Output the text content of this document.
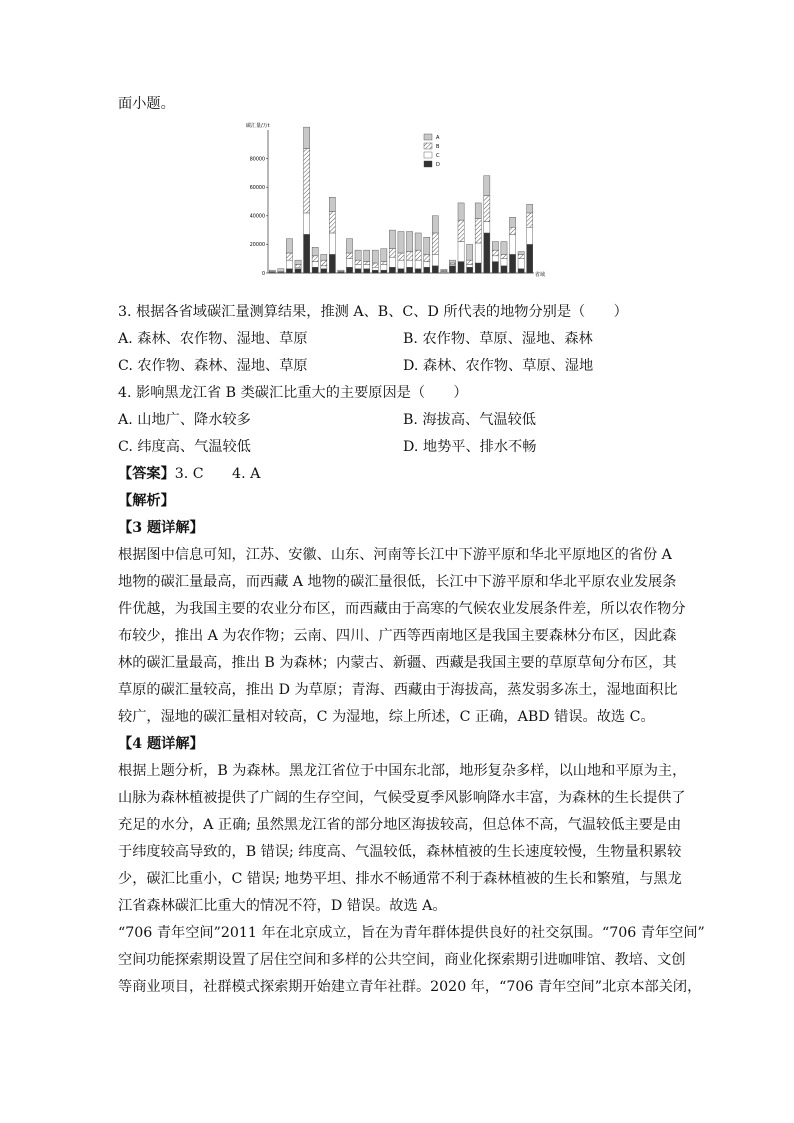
面小题。
碳汇量/万t
0
20000
40000
60000
80000
省域
A
B
C
D
3. 根据各省域碳汇量测算结果，推测 A、B、C、D 所代表的地物分别是（　　）
A. 森林、农作物、湿地、草原	B. 农作物、草原、湿地、森林
C. 农作物、森林、湿地、草原	D. 森林、农作物、草原、湿地
4. 影响黑龙江省 B 类碳汇比重大的主要原因是（　　）
A. 山地广、降水较多	B. 海拔高、气温较低
C. 纬度高、气温较低	D. 地势平、排水不畅
【答案】3. C　　4. A
【解析】
【3 题详解】
根据图中信息可知，江苏、安徽、山东、河南等长江中下游平原和华北平原地区的省份 A
地物的碳汇量最高，而西藏 A 地物的碳汇量很低，长江中下游平原和华北平原农业发展条
件优越，为我国主要的农业分布区，而西藏由于高寒的气候农业发展条件差，所以农作物分
布较少，推出 A 为农作物；云南、四川、广西等西南地区是我国主要森林分布区，因此森
林的碳汇量最高，推出 B 为森林；内蒙古、新疆、西藏是我国主要的草原草甸分布区，其
草原的碳汇量较高，推出 D 为草原；青海、西藏由于海拔高，蒸发弱多冻土，湿地面积比
较广，湿地的碳汇量相对较高，C 为湿地，综上所述，C 正确，ABD 错误。故选 C。
【4 题详解】
根据上题分析，B 为森林。黑龙江省位于中国东北部，地形复杂多样，以山地和平原为主，
山脉为森林植被提供了广阔的生存空间，气候受夏季风影响降水丰富，为森林的生长提供了
充足的水分，A 正确; 虽然黑龙江省的部分地区海拔较高，但总体不高，气温较低主要是由
于纬度较高导致的，B 错误; 纬度高、气温较低，森林植被的生长速度较慢，生物量积累较
少，碳汇比重小，C 错误; 地势平坦、排水不畅通常不利于森林植被的生长和繁殖，与黑龙
江省森林碳汇比重大的情况不符，D 错误。故选 A。
“706 青年空间”2011 年在北京成立，旨在为青年群体提供良好的社交氛围。“706 青年空间”
空间功能探索期设置了居住空间和多样的公共空间，商业化探索期引进咖啡馆、教培、文创
等商业项目，社群模式探索期开始建立青年社群。2020 年，“706 青年空间”北京本部关闭，
